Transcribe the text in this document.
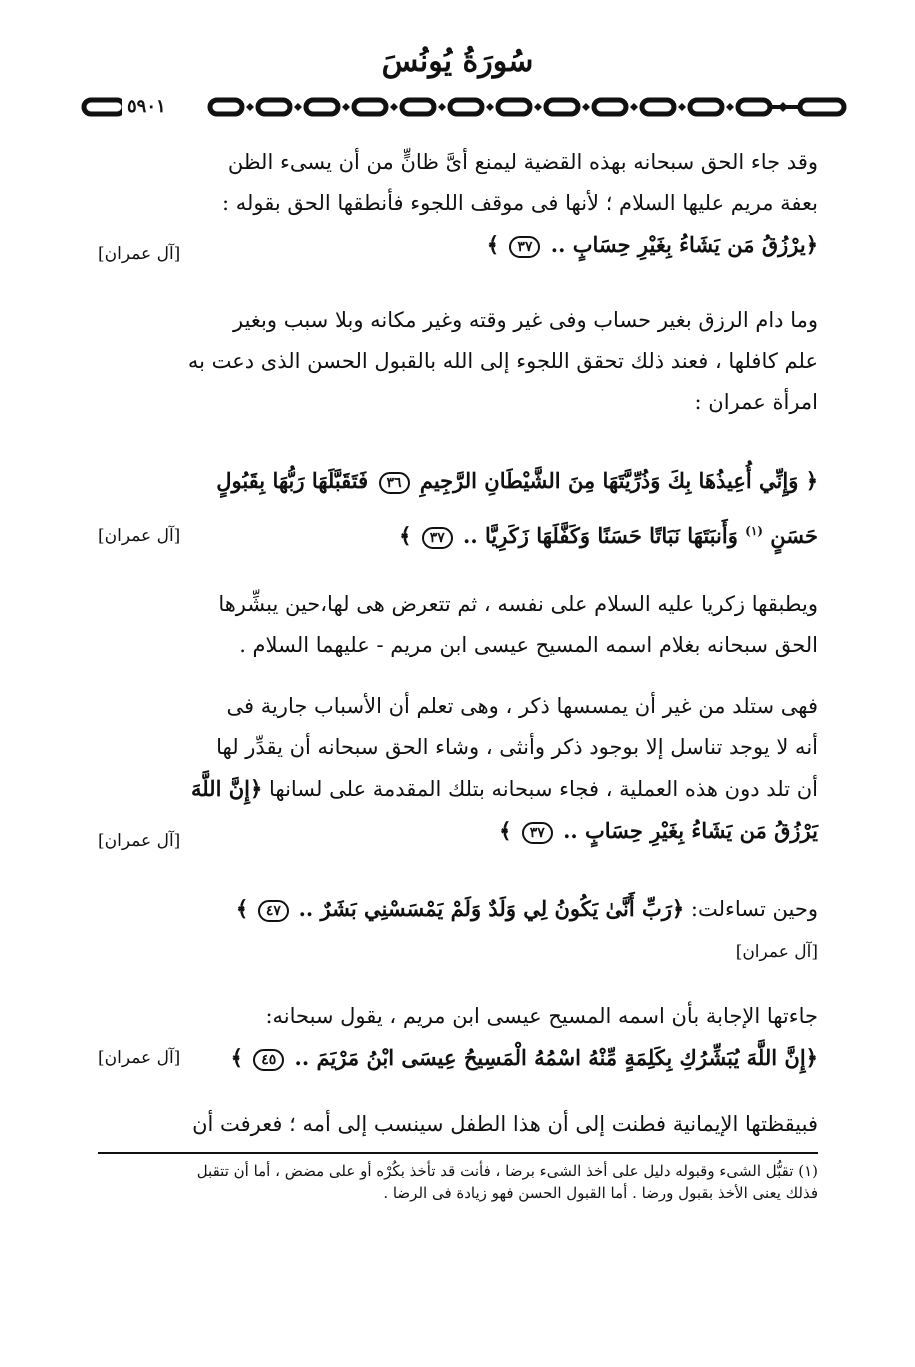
سُورَةُ يُونُسَ
٥٩٠١
وقد جاء الحق سبحانه بهذه القضية ليمنع أىَّ ظانٍّ من أن يسىء الظن
بعفة مريم عليها السلام ؛ لأنها فى موقف اللجوء فأنطقها الحق بقوله :
﴿يرْزُقُ مَن يَشَاءُ بِغَيْرِ حِسَابٍ .. ٣٧ ﴾
[آل عمران]
وما دام الرزق بغير حساب وفى غير وقته وغير مكانه وبلا سبب وبغير
علم كافلها ، فعند ذلك تحقق اللجوء إلى الله بالقبول الحسن الذى دعت به
امرأة عمران :
﴿ وَإِنِّي أُعِيذُهَا بِكَ وَذُرِّيَّتَهَا مِنَ الشَّيْطَانِ الرَّجِيمِ ٣٦ فَتَقَبَّلَهَا رَبُّهَا بِقَبُولٍ
حَسَنٍ $^{(١)}$ وَأَنبَتَهَا نَبَاتًا حَسَنًا وَكَفَّلَهَا زَكَرِيَّا .. ٣٧ ﴾
[آل عمران]
ويطبقها زكريا عليه السلام على نفسه ، ثم تتعرض هى لها،حين يبشِّرها
الحق سبحانه بغلام اسمه المسيح عيسى ابن مريم - عليهما السلام .
فهى ستلد من غير أن يمسسها ذكر ، وهى تعلم أن الأسباب جارية فى
أنه لا يوجد تناسل إلا بوجود ذكر وأنثى ، وشاء الحق سبحانه أن يقدِّر لها
أن تلد دون هذه العملية ، فجاء سبحانه بتلك المقدمة على لسانها ﴿إِنَّ اللَّهَ
يَرْزُقُ مَن يَشَاءُ بِغَيْرِ حِسَابٍ .. ٣٧ ﴾
[آل عمران]
وحين تساءلت: ﴿رَبِّ أَنَّىٰ يَكُونُ لِي وَلَدٌ وَلَمْ يَمْسَسْنِي بَشَرٌ .. ٤٧ ﴾
[آل عمران]
جاءتها الإجابة بأن اسمه المسيح عيسى ابن مريم ، يقول سبحانه:
﴿إِنَّ اللَّهَ يُبَشِّرُكِ بِكَلِمَةٍ مِّنْهُ اسْمُهُ الْمَسِيحُ عِيسَى ابْنُ مَرْيَمَ .. ٤٥ ﴾
[آل عمران]
فبيقظتها الإيمانية فطنت إلى أن هذا الطفل سينسب إلى أمه ؛ فعرفت أن
(١) تقبُّل الشىء وقبوله دليل على أخذ الشىء برضا ، فأنت قد تأخذ بكُرْه أو على مضض ، أما أن تتقبل
فذلك يعنى الأخذ بقبول ورضا . أما القبول الحسن فهو زيادة فى الرضا .
